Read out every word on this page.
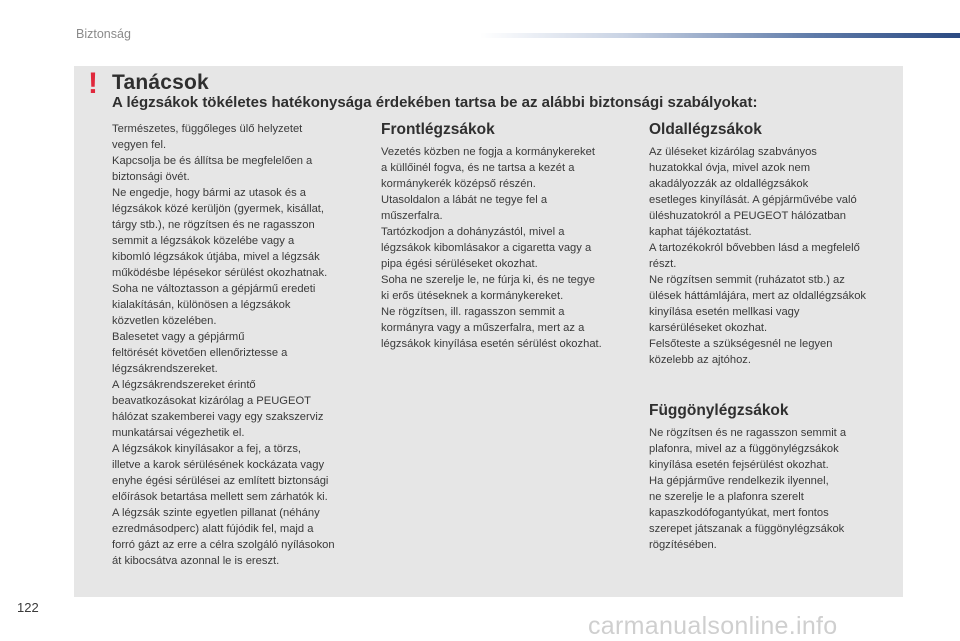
Biztonság
! Tanácsok
A légzsákok tökéletes hatékonysága érdekében tartsa be az alábbi biztonsági szabályokat:

Természetes, függőleges ülő helyzetet

vegyen fel.

Kapcsolja be és állítsa be megfelelően a

biztonsági övét.

Ne engedje, hogy bármi az utasok és a

légzsákok közé kerüljön (gyermek, kisállat,

tárgy stb.), ne rögzítsen és ne ragasszon

semmit a légzsákok közelébe vagy a

kibomló légzsákok útjába, mivel a légzsák

működésbe lépésekor sérülést okozhatnak.

Soha ne változtasson a gépjármű eredeti

kialakításán, különösen a légzsákok

közvetlen közelében.

Balesetet vagy a gépjármű

feltörését követően ellenőriztesse a

légzsákrendszereket.

A légzsákrendszereket érintő

beavatkozásokat kizárólag a PEUGEOT

hálózat szakemberei vagy egy szakszerviz

munkatársai végezhetik el.

A légzsákok kinyílásakor a fej, a törzs,

illetve a karok sérülésének kockázata vagy

enyhe égési sérülései az említett biztonsági

előírások betartása mellett sem zárhatók ki.

A légzsák szinte egyetlen pillanat (néhány

ezredmásodperc) alatt fújódik fel, majd a

forró gázt az erre a célra szolgáló nyílásokon

át kibocsátva azonnal le is ereszt.

Frontlégzsákok

Vezetés közben ne fogja a kormánykereket

a küllőinél fogva, és ne tartsa a kezét a

kormánykerék középső részén.

Utasoldalon a lábát ne tegye fel a

műszerfalra.

Tartózkodjon a dohányzástól, mivel a

légzsákok kibomlásakor a cigaretta vagy a

pipa égési sérüléseket okozhat.

Soha ne szerelje le, ne fúrja ki, és ne tegye

ki erős ütéseknek a kormánykereket.

Ne rögzítsen, ill. ragasszon semmit a

kormányra vagy a műszerfalra, mert az a

légzsákok kinyílása esetén sérülést okozhat.

Oldallégzsákok

Az üléseket kizárólag szabványos

huzatokkal óvja, mivel azok nem

akadályozzák az oldallégzsákok

esetleges kinyílását. A gépjárművébe való

üléshuzatokról a PEUGEOT hálózatban

kaphat tájékoztatást.

A tartozékokról bővebben lásd a megfelelő

részt.

Ne rögzítsen semmit (ruházatot stb.) az

ülések háttámlájára, mert az oldallégzsákok

kinyílása esetén mellkasi vagy

karsérüléseket okozhat.

Felsőteste a szükségesnél ne legyen

közelebb az ajtóhoz.

Függönylégzsákok

Ne rögzítsen és ne ragasszon semmit a

plafonra, mivel az a függönylégzsákok

kinyílása esetén fejsérülést okozhat.

Ha gépjárműve rendelkezik ilyennel,

ne szerelje le a plafonra szerelt

kapaszkodófogantyúkat, mert fontos

szerepet játszanak a függönylégzsákok

rögzítésében.

122
carmanualsonline.info
